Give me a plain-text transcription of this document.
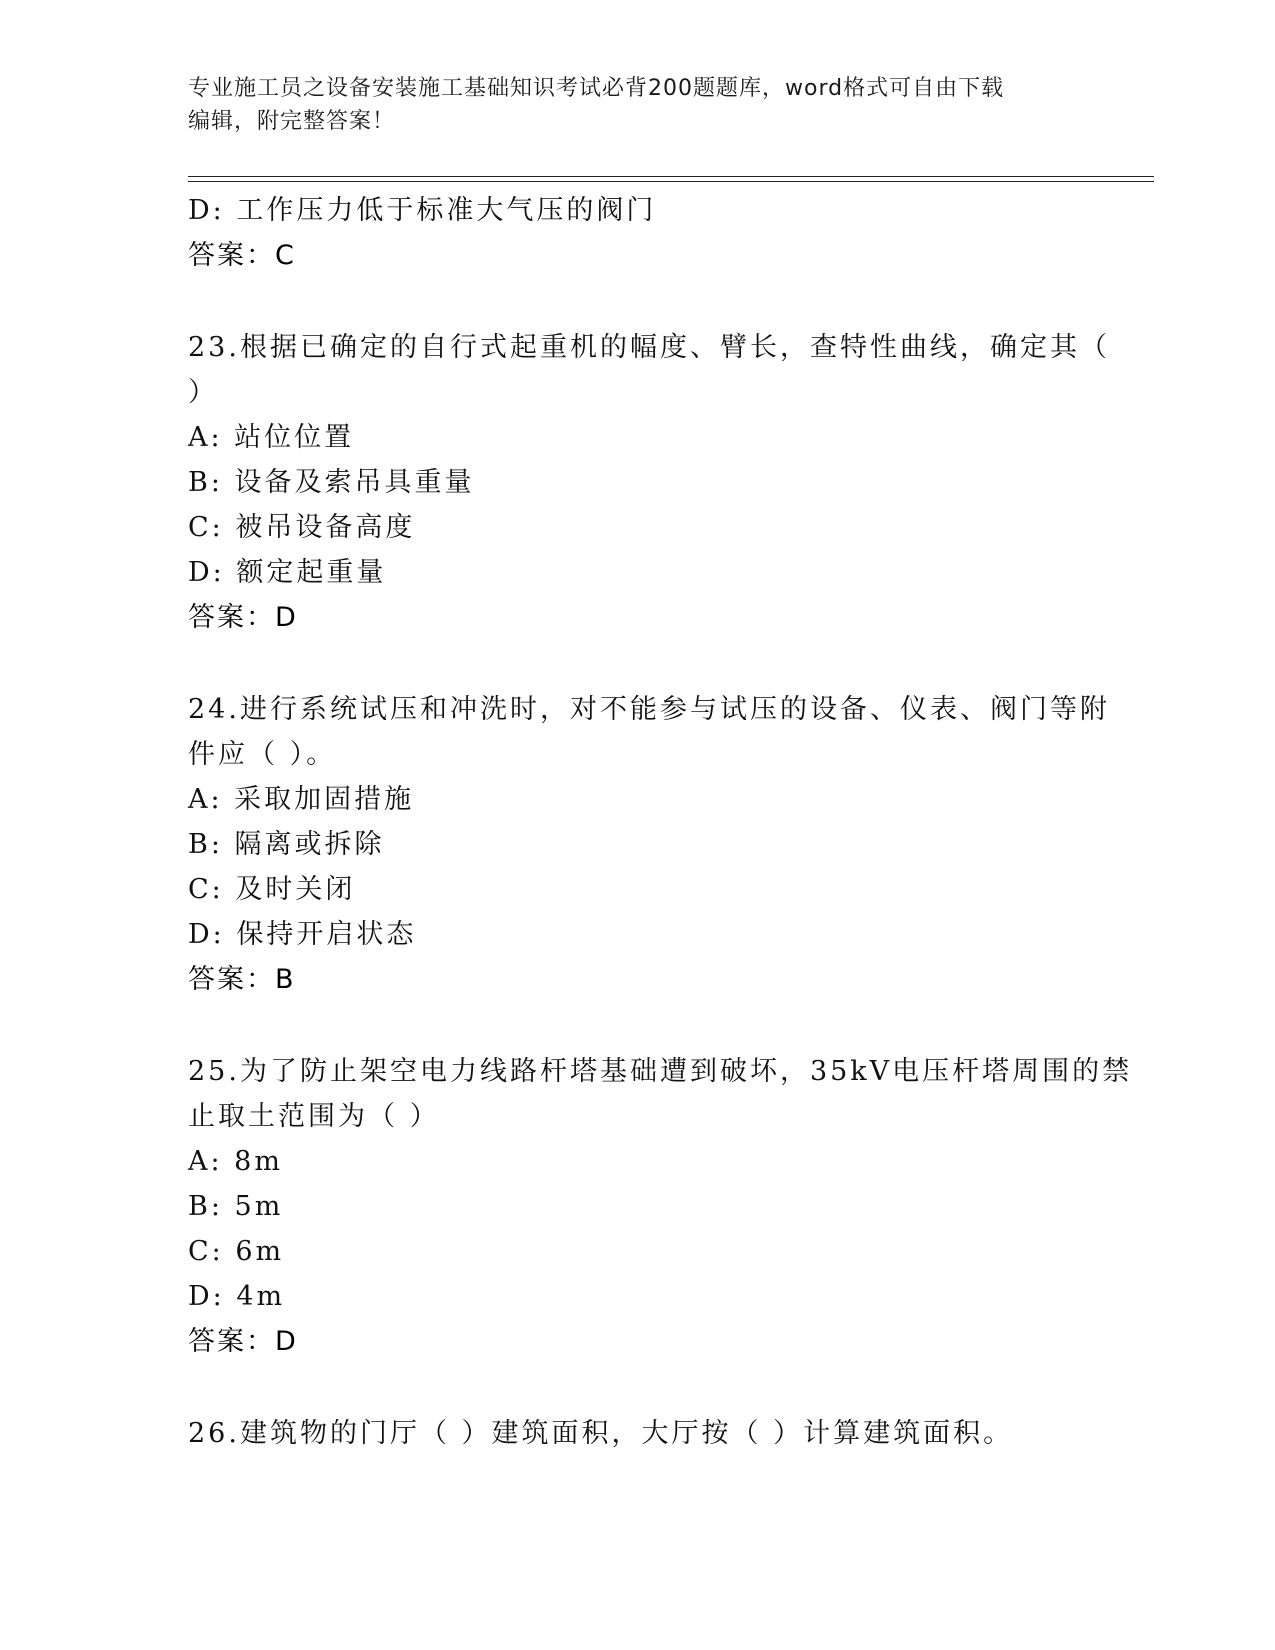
专业施工员之设备安装施工基础知识考试必背200题题库，word格式可自由下载
编辑，附完整答案！
D: 工作压力低于标准大气压的阀门
答案：C
23.根据已确定的自行式起重机的幅度、臂长，查特性曲线，确定其（
）
A: 站位位置
B: 设备及索吊具重量
C: 被吊设备高度
D: 额定起重量
答案：D
24.进行系统试压和冲洗时，对不能参与试压的设备、仪表、阀门等附
件应（ ）。
A: 采取加固措施
B: 隔离或拆除
C: 及时关闭
D: 保持开启状态
答案：B
25.为了防止架空电力线路杆塔基础遭到破坏，35kV电压杆塔周围的禁
止取土范围为（ ）
A: 8m
B: 5m
C: 6m
D: 4m
答案：D
26.建筑物的门厅（ ）建筑面积，大厅按（ ）计算建筑面积。
